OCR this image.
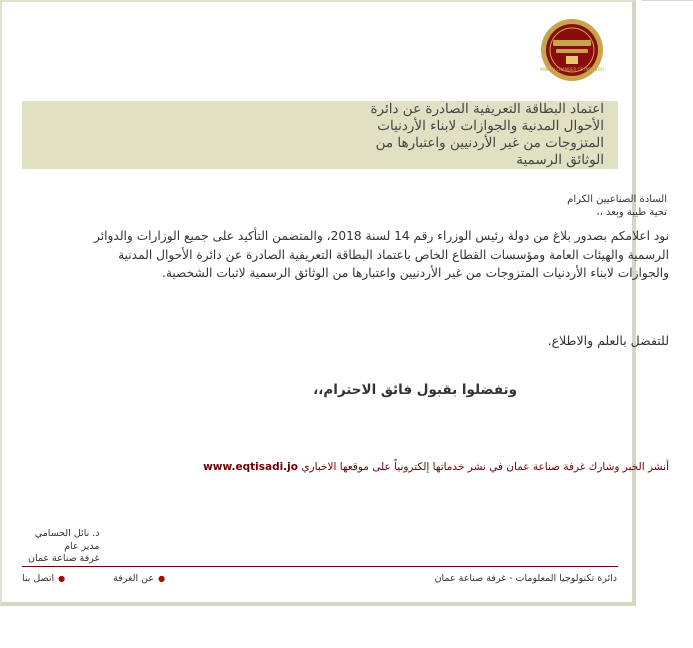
AMMAN CHAMBER OF INDUSTRY
اعتماد البطاقة التعريفية الصادرة عن دائرة الأحوال المدنية والجوازات لابناء الأردنيات المتزوجات من غير الأردنيين واعتبارها من الوثائق الرسمية
السادة الصناعيين الكرام
تحية طيبة وبعد ،،
نود اعلامكم بصدور بلاغ من دولة رئيس الوزراء رقم 14 لسنة 2018، والمتضمن التأكيد على جميع الوزارات والدوائر الرسمية والهيئات العامة ومؤسسات القطاع الخاص باعتماد البطاقة التعريفية الصادرة عن دائرة الأحوال المدنية والجوازات لابناء الأردنيات المتزوجات من غير الأردنيين واعتبارها من الوثائق الرسمية لاثبات الشخصية.
للتفضل بالعلم والاطلاع.
وتفضلوا بقبول فائق الاحترام،،
أنشر الخبر وشارك غرفة صناعة عمان في نشر خدماتها إلكترونياً على موقعها الاخباري www.eqtisadi.jo
د. نائل الحسامي
مدير عام
غرفة صناعة عمان
دائرة تكنولوجيا المعلومات - غرفة صناعة عمان
●عن الغرفة
●اتصل بنا
